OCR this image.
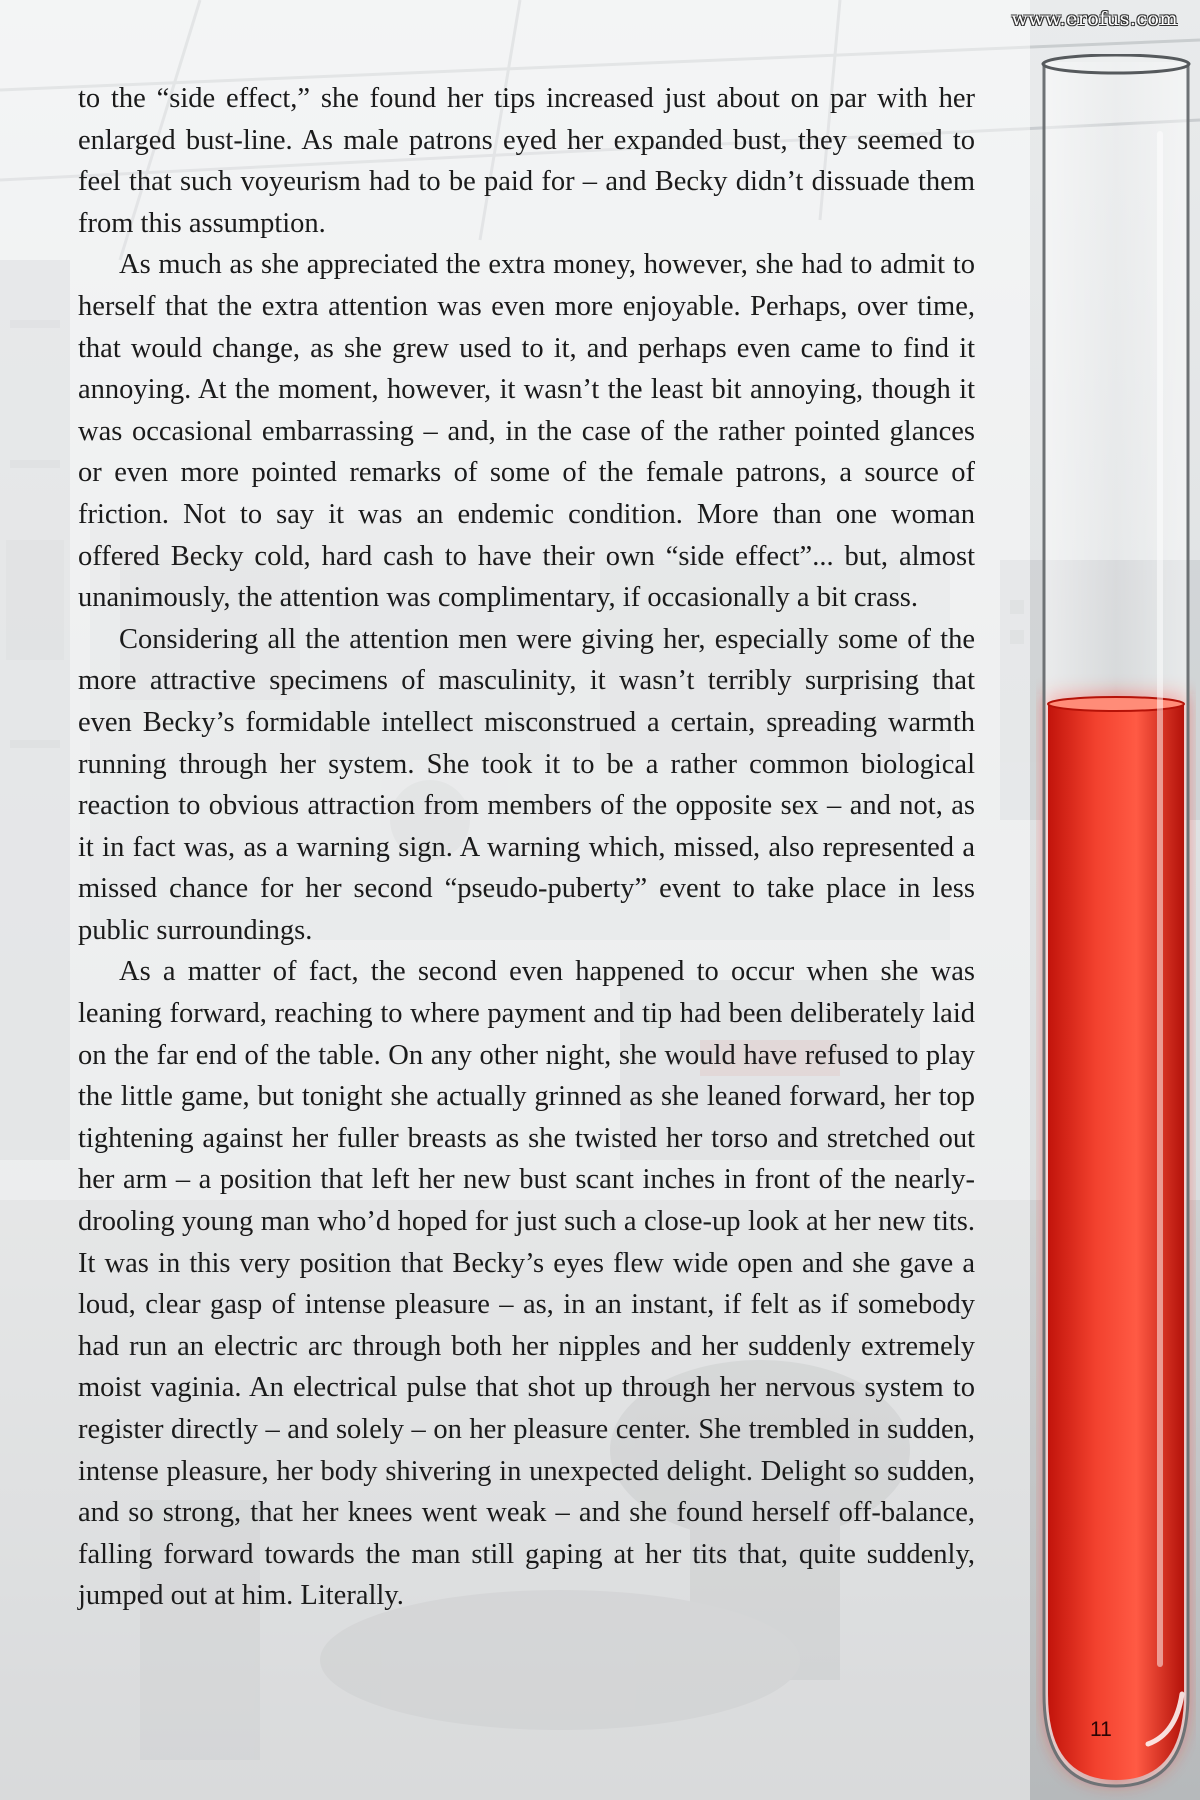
www.erofus.com

to the “side effect,” she found her tips increased just about on par with her enlarged bust-line. As male patrons eyed her expanded bust, they seemed to feel that such voyeurism had to be paid for – and Becky didn’t dissuade them from this assumption.

As much as she appreciated the extra money, however, she had to admit to herself that the extra attention was even more enjoyable. Perhaps, over time, that would change, as she grew used to it, and perhaps even came to find it annoying. At the moment, however, it wasn’t the least bit annoying, though it was occasional embarrassing – and, in the case of the rather pointed glances or even more pointed remarks of some of the female patrons, a source of friction. Not to say it was an endemic condition. More than one woman offered Becky cold, hard cash to have their own “side effect”... but, almost unanimously, the attention was complimentary, if occasionally a bit crass.

Considering all the attention men were giving her, especially some of the more attractive specimens of masculinity, it wasn’t terribly surprising that even Becky’s formidable intellect misconstrued a certain, spreading warmth running through her system. She took it to be a rather common biological reaction to obvious attraction from members of the opposite sex – and not, as it in fact was, as a warning sign. A warning which, missed, also represented a missed chance for her second “pseudo-puberty” event to take place in less public surroundings.

As a matter of fact, the second even happened to occur when she was leaning forward, reaching to where payment and tip had been deliberately laid on the far end of the table. On any other night, she would have refused to play the little game, but tonight she actually grinned as she leaned forward, her top tightening against her fuller breasts as she twisted her torso and stretched out her arm – a position that left her new bust scant inches in front of the nearly-drooling young man who’d hoped for just such a close-up look at her new tits. It was in this very position that Becky’s eyes flew wide open and she gave a loud, clear gasp of intense pleasure – as, in an instant, if felt as if somebody had run an electric arc through both her nipples and her suddenly extremely moist vaginia. An electrical pulse that shot up through her nervous system to register directly – and solely – on her pleasure center. She trembled in sudden, intense pleasure, her body shivering in unexpected delight. Delight so sudden, and so strong, that her knees went weak – and she found herself off-balance, falling forward towards the man still gaping at her tits that, quite suddenly, jumped out at him. Literally.

11
